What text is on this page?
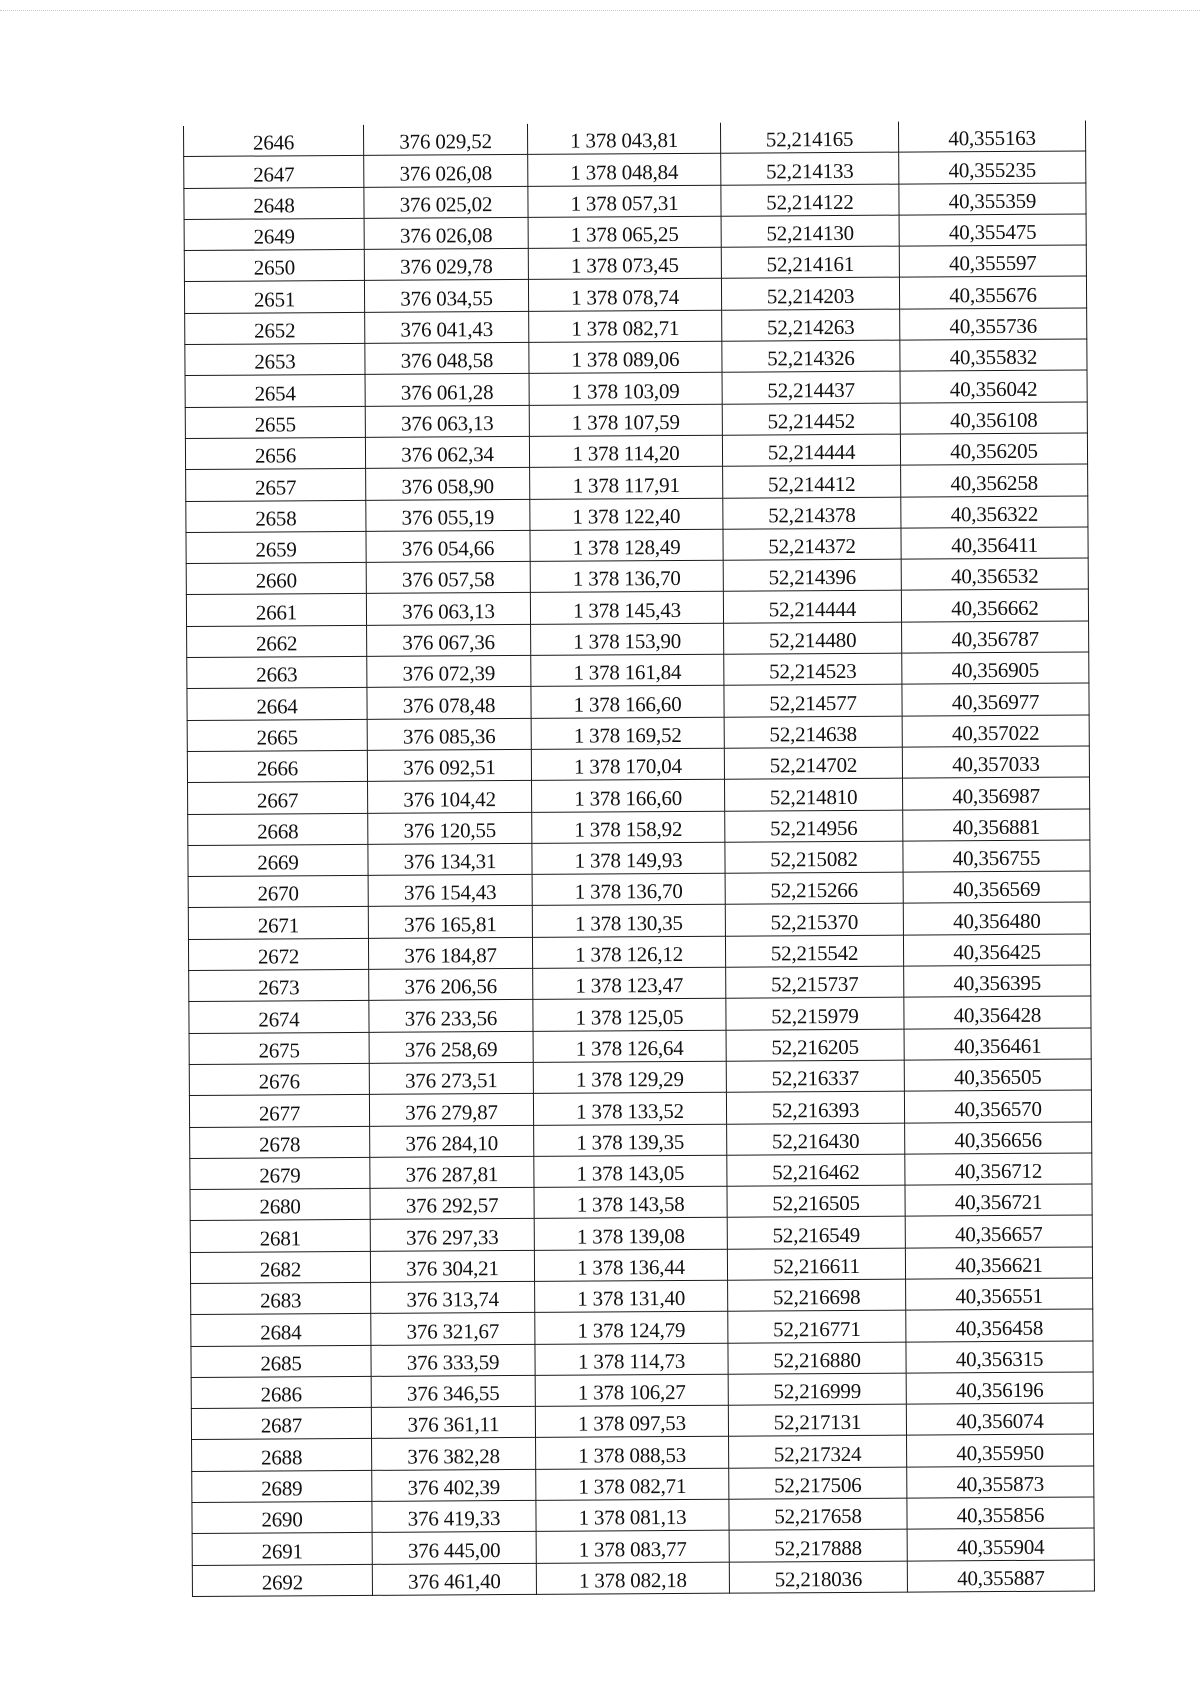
2646	376 029,52	1 378 043,81	52,214165	40,355163
2647	376 026,08	1 378 048,84	52,214133	40,355235
2648	376 025,02	1 378 057,31	52,214122	40,355359
2649	376 026,08	1 378 065,25	52,214130	40,355475
2650	376 029,78	1 378 073,45	52,214161	40,355597
2651	376 034,55	1 378 078,74	52,214203	40,355676
2652	376 041,43	1 378 082,71	52,214263	40,355736
2653	376 048,58	1 378 089,06	52,214326	40,355832
2654	376 061,28	1 378 103,09	52,214437	40,356042
2655	376 063,13	1 378 107,59	52,214452	40,356108
2656	376 062,34	1 378 114,20	52,214444	40,356205
2657	376 058,90	1 378 117,91	52,214412	40,356258
2658	376 055,19	1 378 122,40	52,214378	40,356322
2659	376 054,66	1 378 128,49	52,214372	40,356411
2660	376 057,58	1 378 136,70	52,214396	40,356532
2661	376 063,13	1 378 145,43	52,214444	40,356662
2662	376 067,36	1 378 153,90	52,214480	40,356787
2663	376 072,39	1 378 161,84	52,214523	40,356905
2664	376 078,48	1 378 166,60	52,214577	40,356977
2665	376 085,36	1 378 169,52	52,214638	40,357022
2666	376 092,51	1 378 170,04	52,214702	40,357033
2667	376 104,42	1 378 166,60	52,214810	40,356987
2668	376 120,55	1 378 158,92	52,214956	40,356881
2669	376 134,31	1 378 149,93	52,215082	40,356755
2670	376 154,43	1 378 136,70	52,215266	40,356569
2671	376 165,81	1 378 130,35	52,215370	40,356480
2672	376 184,87	1 378 126,12	52,215542	40,356425
2673	376 206,56	1 378 123,47	52,215737	40,356395
2674	376 233,56	1 378 125,05	52,215979	40,356428
2675	376 258,69	1 378 126,64	52,216205	40,356461
2676	376 273,51	1 378 129,29	52,216337	40,356505
2677	376 279,87	1 378 133,52	52,216393	40,356570
2678	376 284,10	1 378 139,35	52,216430	40,356656
2679	376 287,81	1 378 143,05	52,216462	40,356712
2680	376 292,57	1 378 143,58	52,216505	40,356721
2681	376 297,33	1 378 139,08	52,216549	40,356657
2682	376 304,21	1 378 136,44	52,216611	40,356621
2683	376 313,74	1 378 131,40	52,216698	40,356551
2684	376 321,67	1 378 124,79	52,216771	40,356458
2685	376 333,59	1 378 114,73	52,216880	40,356315
2686	376 346,55	1 378 106,27	52,216999	40,356196
2687	376 361,11	1 378 097,53	52,217131	40,356074
2688	376 382,28	1 378 088,53	52,217324	40,355950
2689	376 402,39	1 378 082,71	52,217506	40,355873
2690	376 419,33	1 378 081,13	52,217658	40,355856
2691	376 445,00	1 378 083,77	52,217888	40,355904
2692	376 461,40	1 378 082,18	52,218036	40,355887
